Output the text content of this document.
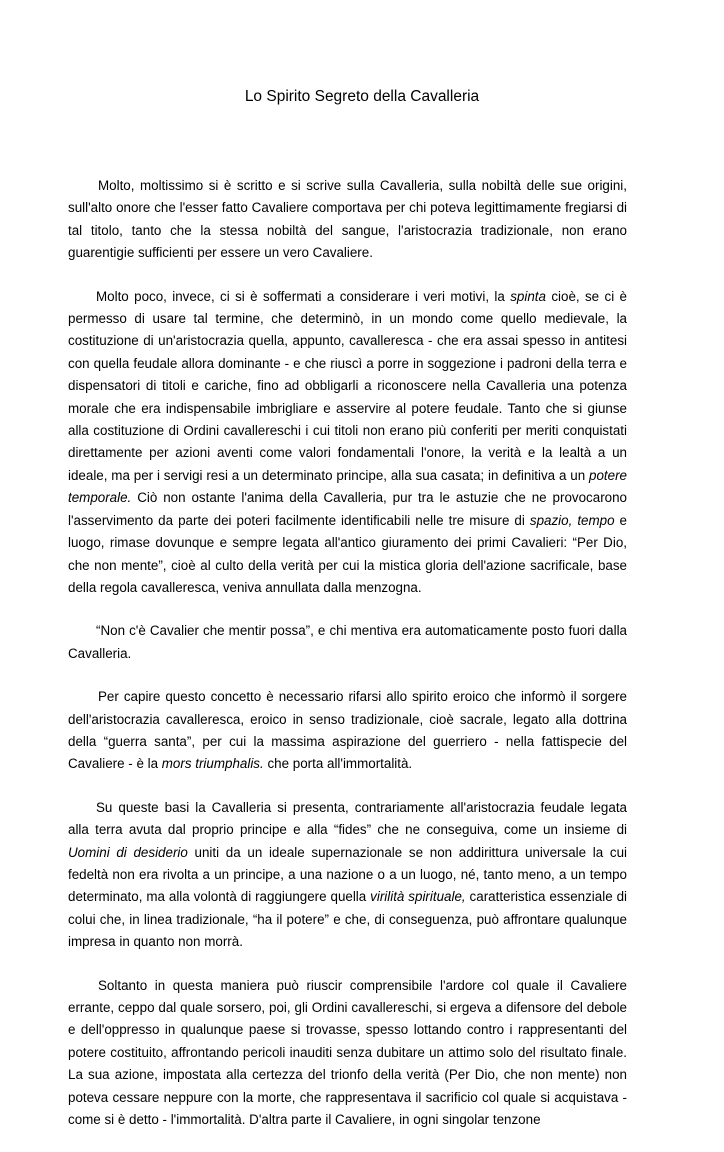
Lo Spirito Segreto della Cavalleria

Molto, moltissimo si è scritto e si scrive sulla Cavalleria, sulla nobiltà delle sue origini, sull'alto onore che l'esser fatto Cavaliere comportava per chi poteva legittimamente fregiarsi di tal titolo, tanto che la stessa nobiltà del sangue, l'aristocrazia tradizionale, non erano guarentigie sufficienti per essere un vero Cavaliere.

Molto poco, invece, ci si è soffermati a considerare i veri motivi, la spinta cioè, se ci è permesso di usare tal termine, che determinò, in un mondo come quello medievale, la costituzione di un'aristocrazia quella, appunto, cavalleresca - che era assai spesso in antitesi con quella feudale allora dominante - e che riuscì a porre in soggezione i padroni della terra e dispensatori di titoli e cariche, fino ad obbligarli a riconoscere nella Cavalleria una potenza morale che era indispensabile imbrigliare e asservire al potere feudale. Tanto che si giunse alla costituzione di Ordini cavallereschi i cui titoli non erano più conferiti per meriti conquistati direttamente per azioni aventi come valori fondamentali l'onore, la verità e la lealtà a un ideale, ma per i servigi resi a un determinato principe, alla sua casata; in definitiva a un potere temporale. Ciò non ostante l'anima della Cavalleria, pur tra le astuzie che ne provocarono l'asservimento da parte dei poteri facilmente identificabili nelle tre misure di spazio, tempo e luogo, rimase dovunque e sempre legata all'antico giuramento dei primi Cavalieri: “Per Dio, che non mente”, cioè al culto della verità per cui la mistica gloria dell'azione sacrificale, base della regola cavalleresca, veniva annullata dalla menzogna.

“Non c'è Cavalier che mentir possa”, e chi mentiva era automaticamente posto fuori dalla Cavalleria.

Per capire questo concetto è necessario rifarsi allo spirito eroico che informò il sorgere dell'aristocrazia cavalleresca, eroico in senso tradizionale, cioè sacrale, legato alla dottrina della “guerra santa”, per cui la massima aspirazione del guerriero - nella fattispecie del Cavaliere - è la mors triumphalis. che porta all'immortalità.

Su queste basi la Cavalleria si presenta, contrariamente all'aristocrazia feudale legata alla terra avuta dal proprio principe e alla “fides” che ne conseguiva, come un insieme di Uomini di desiderio uniti da un ideale supernazionale se non addirittura universale la cui fedeltà non era rivolta a un principe, a una nazione o a un luogo, né, tanto meno, a un tempo determinato, ma alla volontà di raggiungere quella virilità spirituale, caratteristica essenziale di colui che, in linea tradizionale, “ha il potere” e che, di conseguenza, può affrontare qualunque impresa in quanto non morrà.

Soltanto in questa maniera può riuscir comprensibile l'ardore col quale il Cavaliere errante, ceppo dal quale sorsero, poi, gli Ordini cavallereschi, si ergeva a difensore del debole e dell'oppresso in qualunque paese si trovasse, spesso lottando contro i rappresentanti del potere costituito, affrontando pericoli inauditi senza dubitare un attimo solo del risultato finale. La sua azione, impostata alla certezza del trionfo della verità (Per Dio, che non mente) non poteva cessare neppure con la morte, che rappresentava il sacrificio col quale si acquistava - come si è detto - l'immortalità. D'altra parte il Cavaliere, in ogni singolar tenzone
